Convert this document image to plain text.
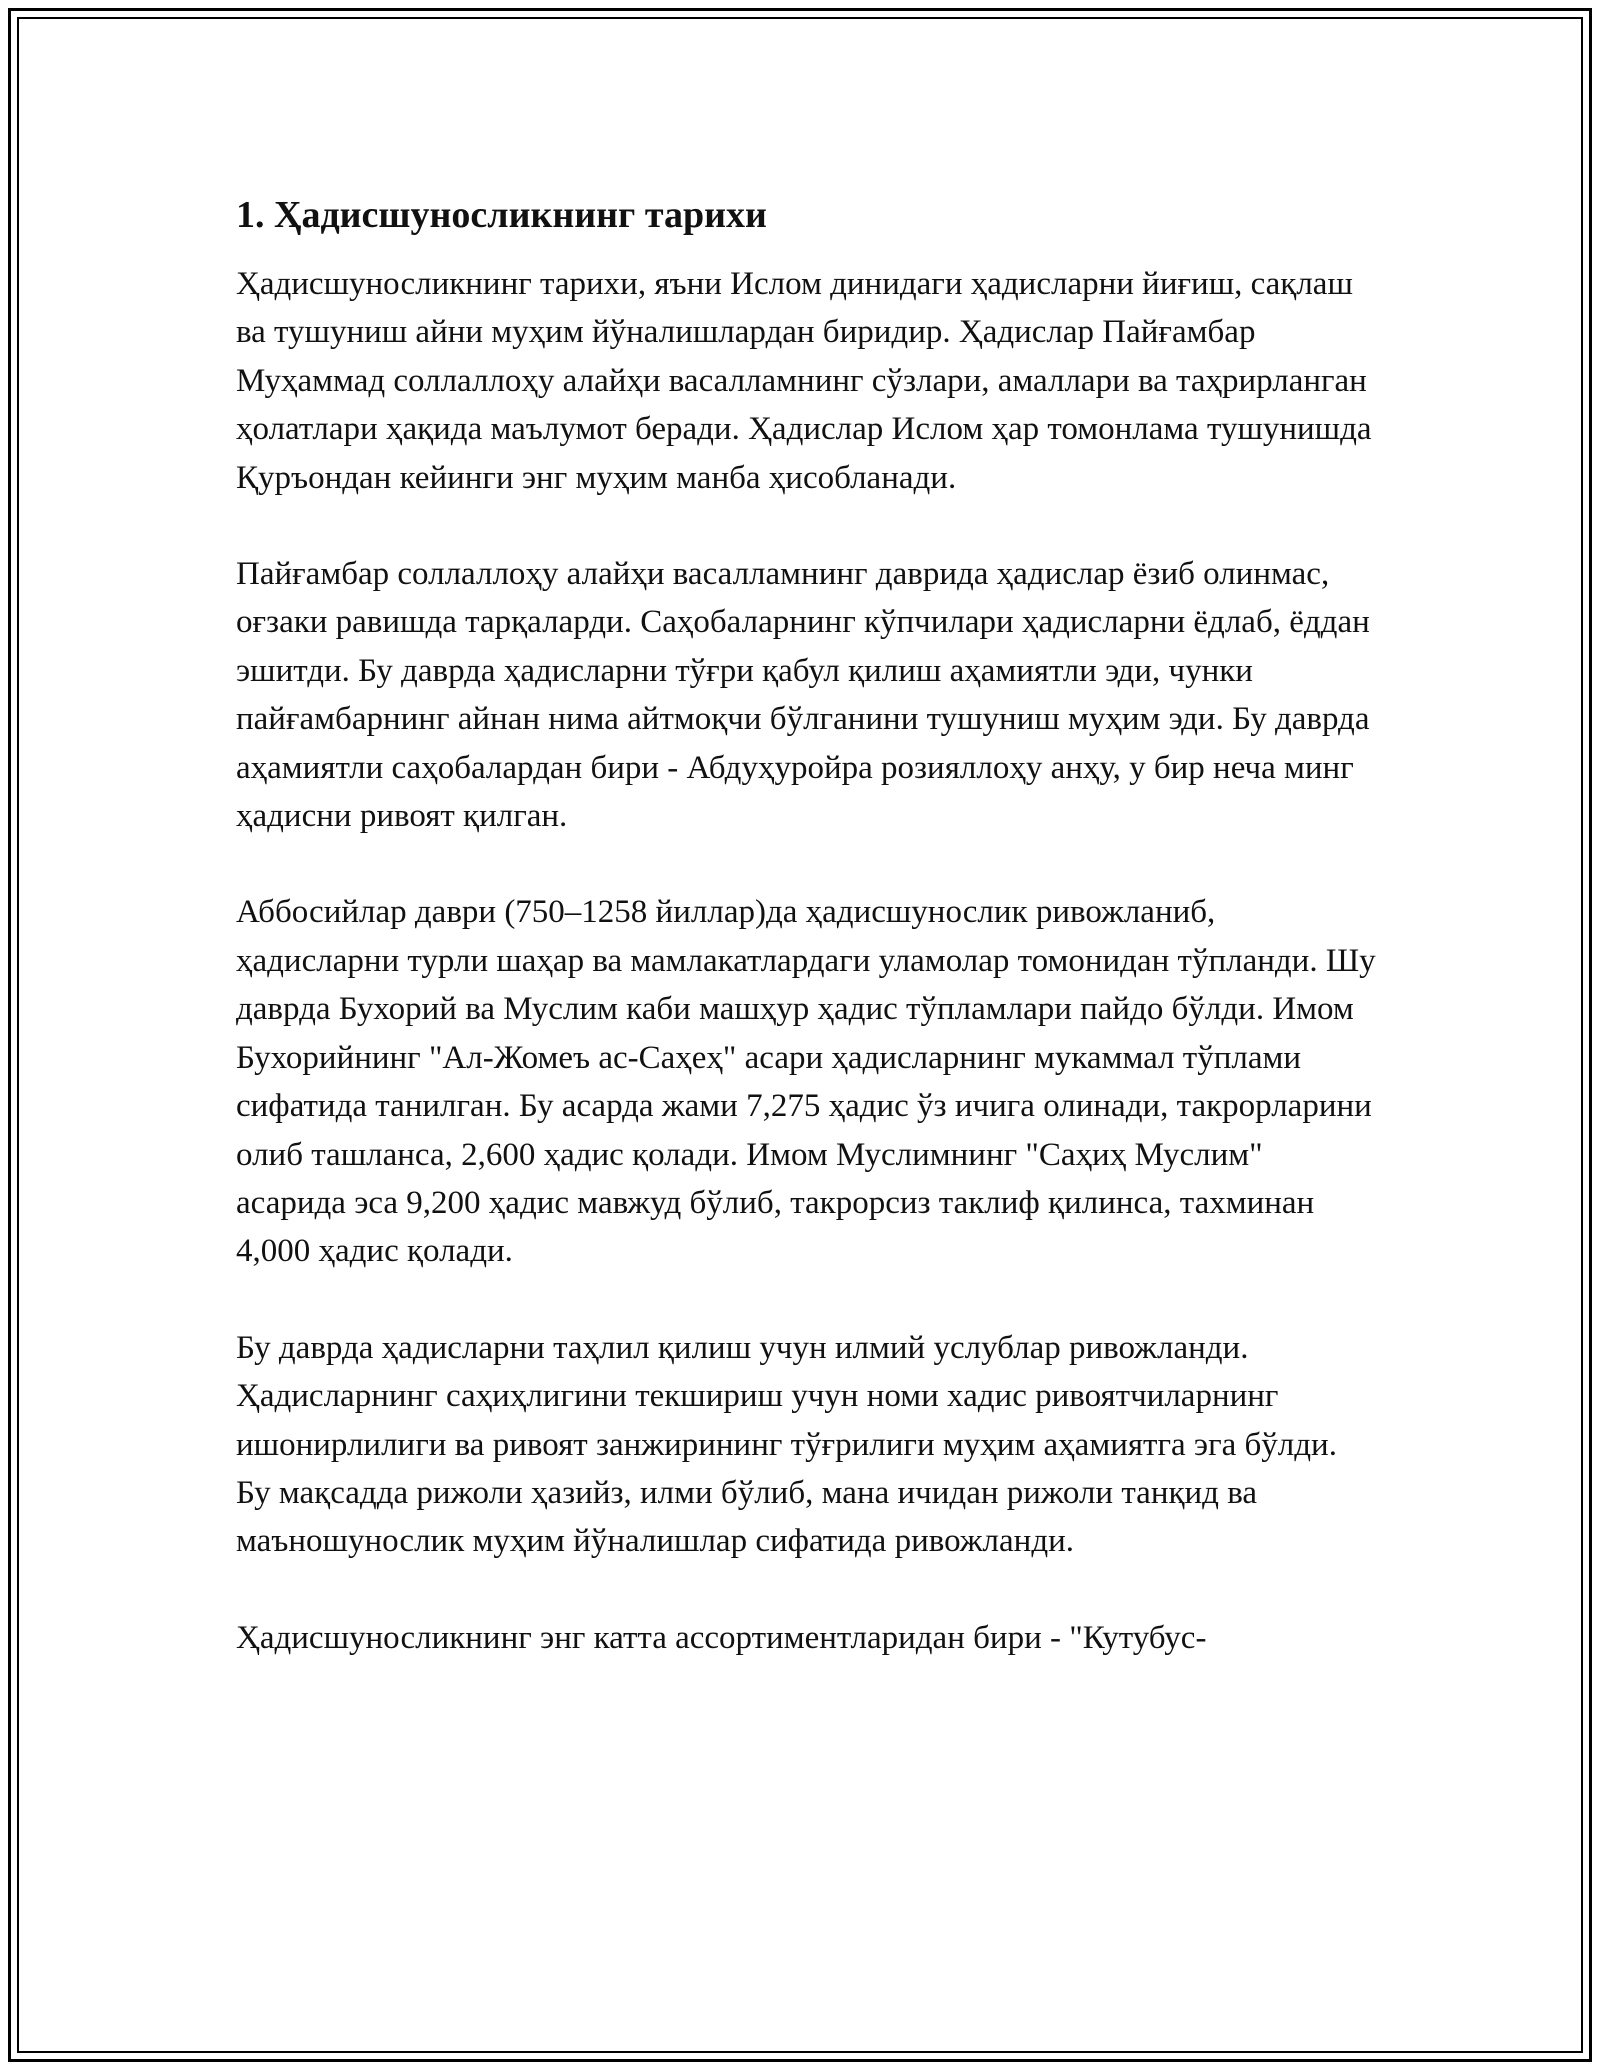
1. Ҳадисшуносликнинг тарихи

Ҳадисшуносликнинг тарихи, яъни Ислом динидаги ҳадисларни йиғиш, сақлаш ва тушуниш айни муҳим йўналишлардан биридир. Ҳадислар Пайғамбар Муҳаммад соллаллоҳу алайҳи васалламнинг сўзлари, амаллари ва таҳрирланган ҳолатлари ҳақида маълумот беради. Ҳадислар Ислом ҳар томонлама тушунишда Қуръондан кейинги энг муҳим манба ҳисобланади.

Пайғамбар соллаллоҳу алайҳи васалламнинг даврида ҳадислар ёзиб олинмас, оғзаки равишда тарқаларди. Саҳобаларнинг кўпчилари ҳадисларни ёдлаб, ёддан эшитди. Бу даврда ҳадисларни тўғри қабул қилиш аҳамиятли эди, чунки пайғамбарнинг айнан нима айтмоқчи бўлганини тушуниш муҳим эди. Бу даврда аҳамиятли саҳобалардан бири - Абдуҳуройра розияллоҳу анҳу, у бир неча минг ҳадисни ривоят қилган.

Аббосийлар даври (750–1258 йиллар)да ҳадисшунослик ривожланиб, ҳадисларни турли шаҳар ва мамлакатлардаги уламолар томонидан тўпланди. Шу даврда Бухорий ва Муслим каби машҳур ҳадис тўпламлари пайдо бўлди. Имом Бухорийнинг "Ал-Жомеъ ас-Саҳеҳ" асари ҳадисларнинг мукаммал тўплами сифатида танилган. Бу асарда жами 7,275 ҳадис ўз ичига олинади, такрорларини олиб ташланса, 2,600 ҳадис қолади. Имом Муслимнинг "Саҳиҳ Муслим" асарида эса 9,200 ҳадис мавжуд бўлиб, такрорсиз таклиф қилинса, тахминан 4,000 ҳадис қолади.

Бу даврда ҳадисларни таҳлил қилиш учун илмий услублар ривожланди. Ҳадисларнинг саҳиҳлигини текшириш учун номи хадис ривоятчиларнинг ишонирлилиги ва ривоят занжирининг тўғрилиги муҳим аҳамиятга эга бўлди. Бу мақсадда рижоли ҳазийз, илми бўлиб, мана ичидан рижоли танқид ва маъношунослик муҳим йўналишлар сифатида ривожланди.

Ҳадисшуносликнинг энг катта ассортиментларидан бири - "Кутубус-
